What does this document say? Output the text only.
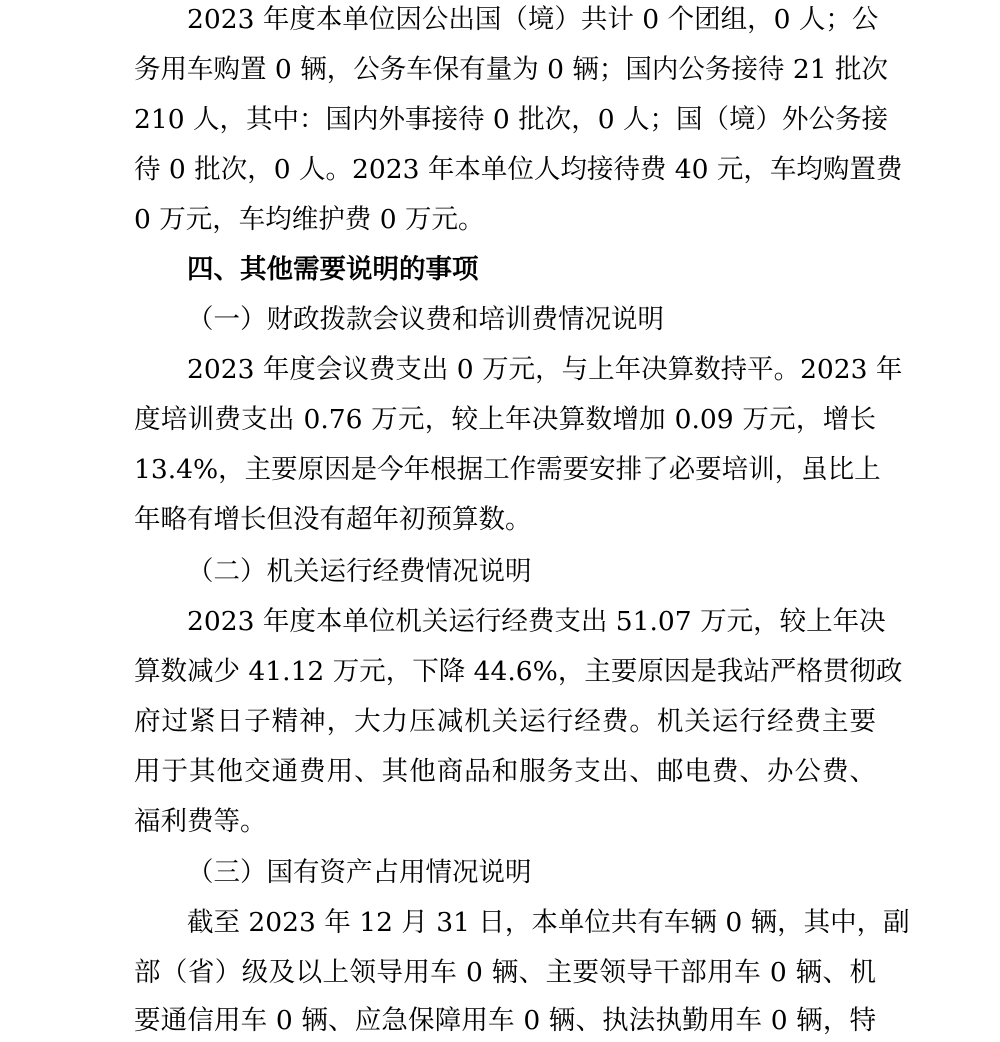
2023 年度本单位因公出国（境）共计 0 个团组，0 人；公
务用车购置 0 辆，公务车保有量为 0 辆；国内公务接待 21 批次
210 人，其中：国内外事接待 0 批次，0 人；国（境）外公务接
待 0 批次，0 人。2023 年本单位人均接待费 40 元，车均购置费
0 万元，车均维护费 0 万元。
四、其他需要说明的事项
（一）财政拨款会议费和培训费情况说明
2023 年度会议费支出 0 万元，与上年决算数持平。2023 年
度培训费支出 0.76 万元，较上年决算数增加 0.09 万元，增长
13.4%，主要原因是今年根据工作需要安排了必要培训，虽比上
年略有增长但没有超年初预算数。
（二）机关运行经费情况说明
2023 年度本单位机关运行经费支出 51.07 万元，较上年决
算数减少 41.12 万元，下降 44.6%，主要原因是我站严格贯彻政
府过紧日子精神，大力压减机关运行经费。机关运行经费主要
用于其他交通费用、其他商品和服务支出、邮电费、办公费、
福利费等。
（三）国有资产占用情况说明
截至 2023 年 12 月 31 日，本单位共有车辆 0 辆，其中，副
部（省）级及以上领导用车 0 辆、主要领导干部用车 0 辆、机
要通信用车 0 辆、应急保障用车 0 辆、执法执勤用车 0 辆，特
